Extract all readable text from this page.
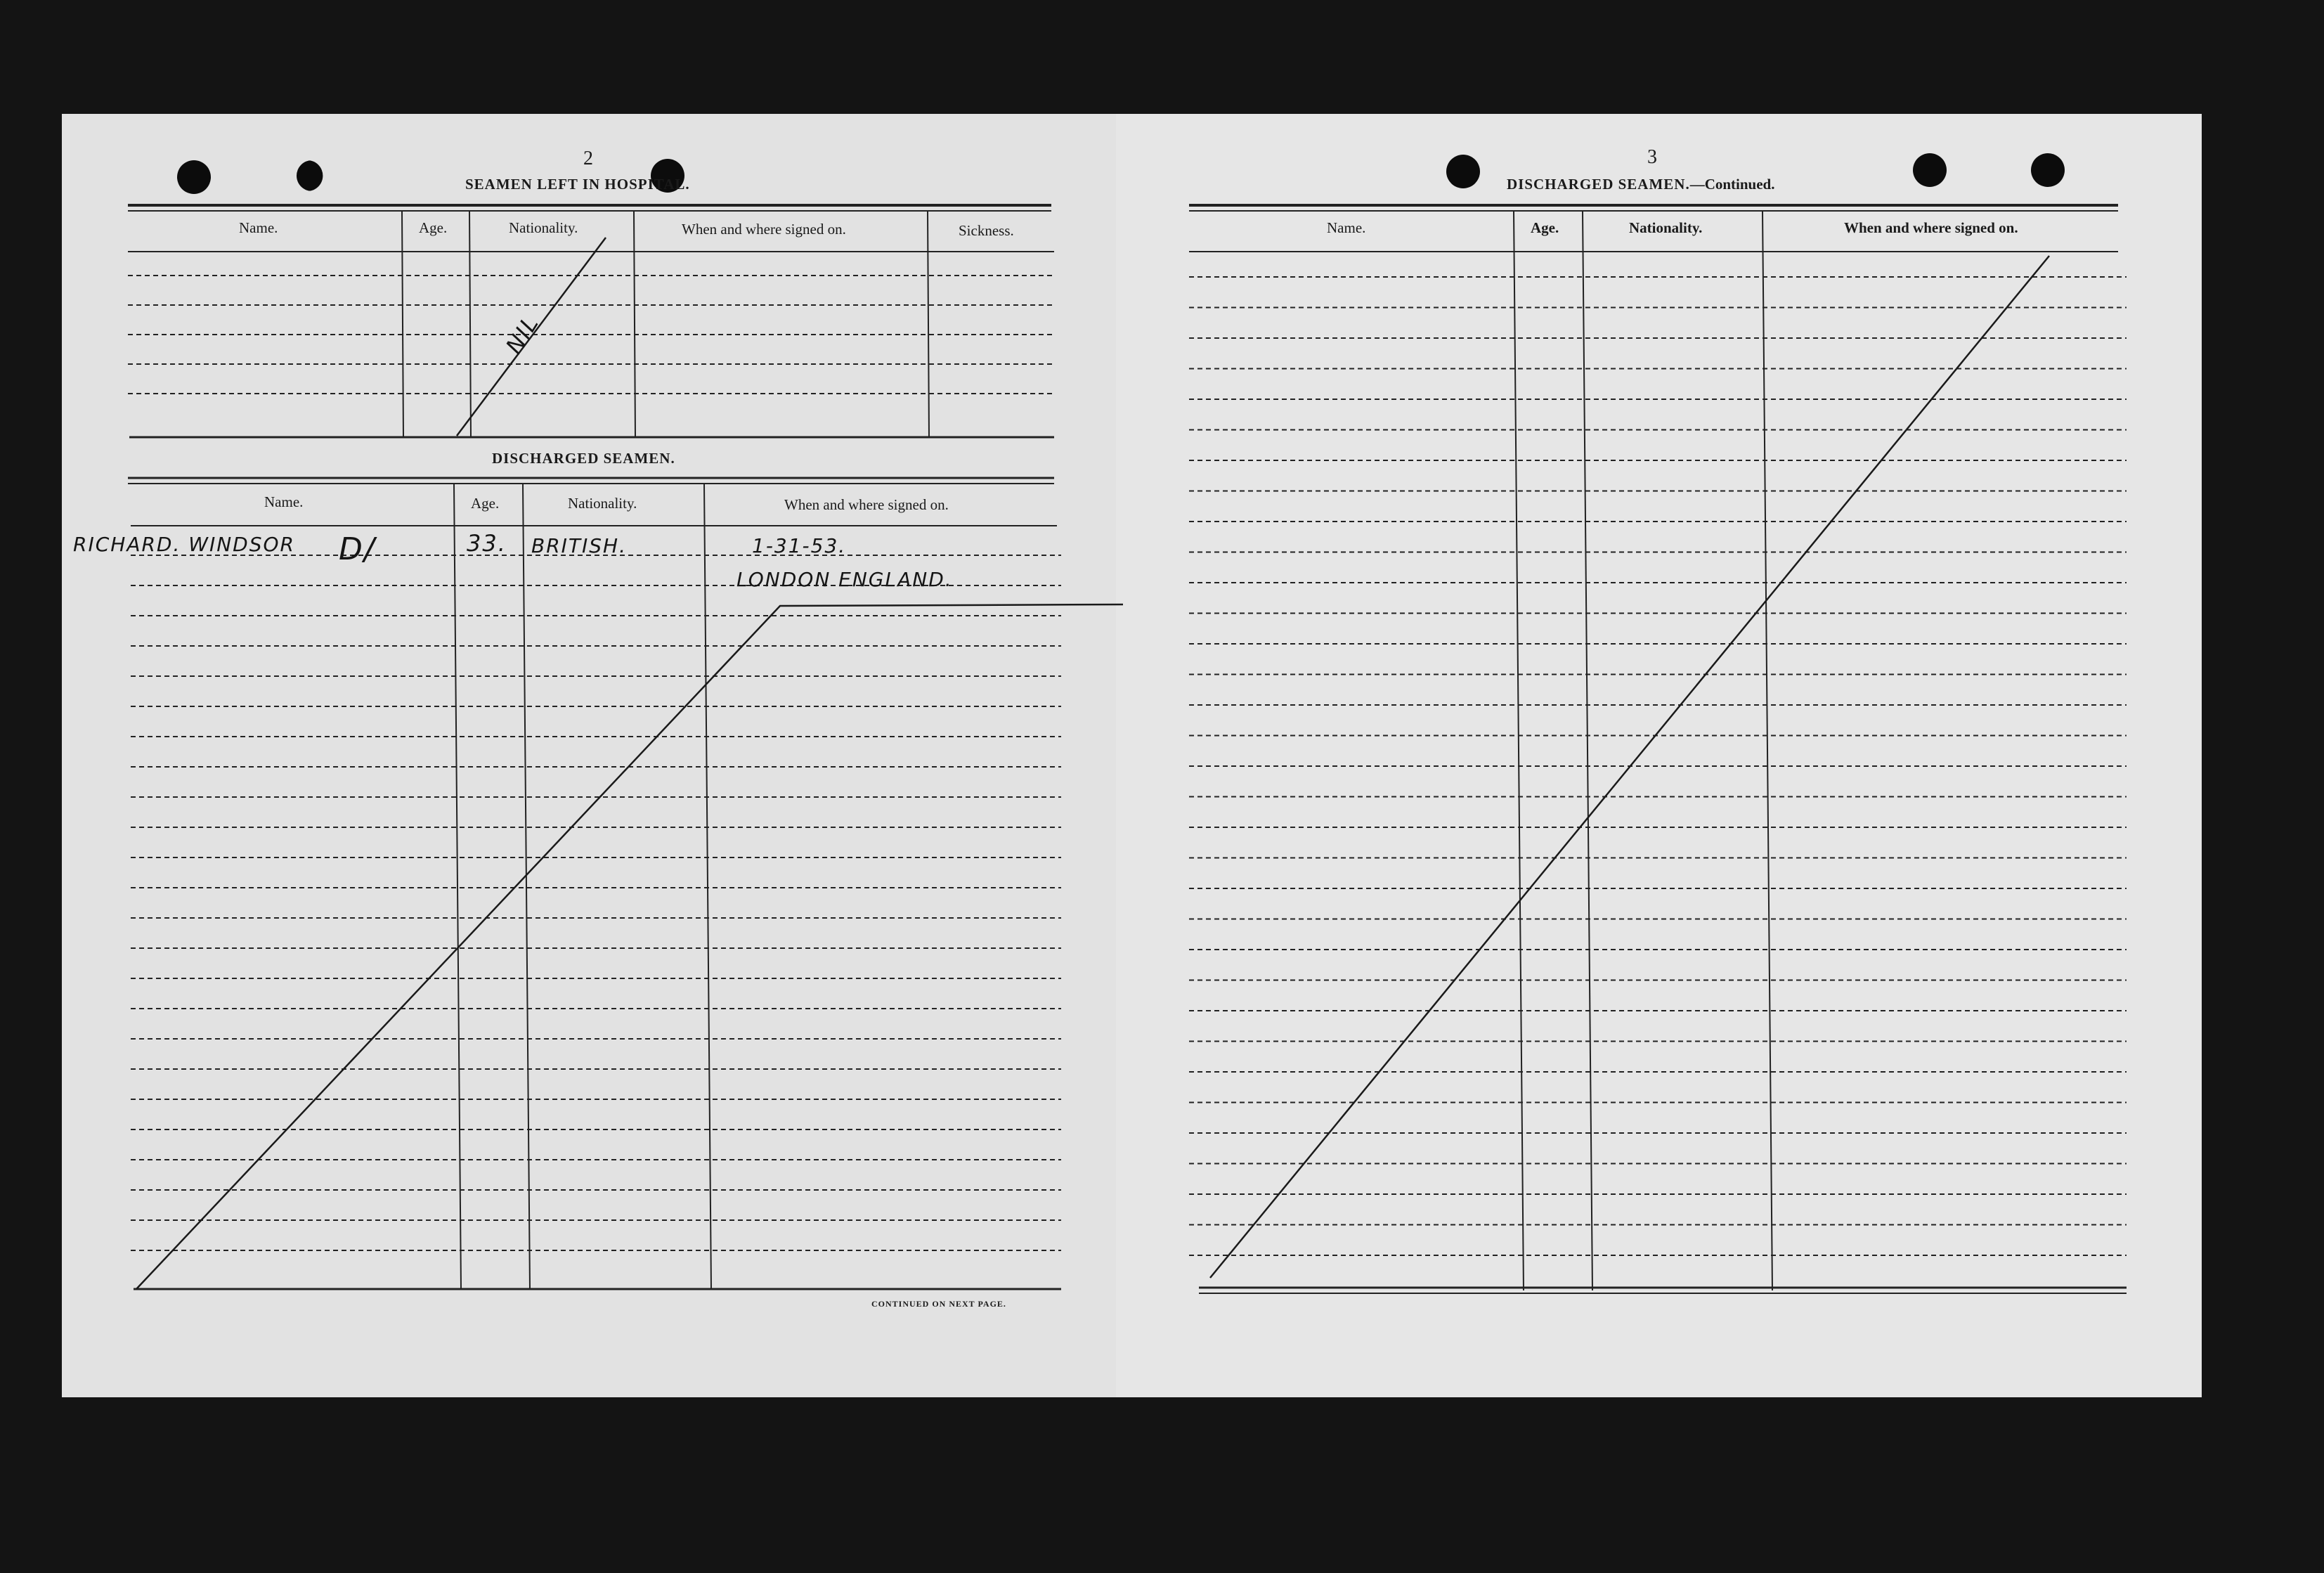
2
SEAMEN LEFT IN HOSPITAL.
Name.	Age.	Nationality.	When and where signed on.	Sickness.
NIL
DISCHARGED SEAMEN.
Name.	Age.	Nationality.	When and where signed on.
RICHARD. WINDSOR D/	33. BRITISH.	1-31-53.
LONDON ENGLAND.
CONTINUED ON NEXT PAGE.
3
DISCHARGED SEAMEN.—Continued.
Name.	Age.	Nationality.	When and where signed on.
